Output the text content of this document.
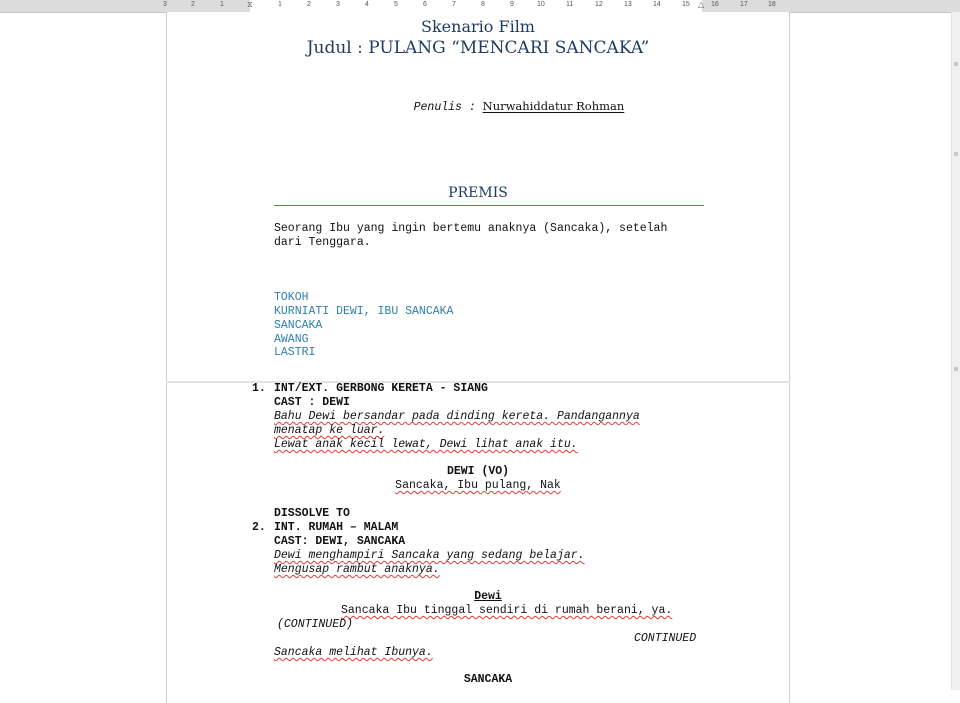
3	2	1	⧖	1	2	3	4	5	6	7	8	9	10	11	12	13	14	15 △ 16	17	18
Skenario Film
Judul : PULANG “MENCARI SANCAKA”

Penulis : Nurwahiddatur Rohman

PREMIS
Seorang Ibu yang ingin bertemu anaknya (Sancaka), setelah
dari Tenggara.
TOKOH
KURNIATI DEWI, IBU SANCAKA
SANCAKA
AWANG
LASTRI
1. INT/EXT. GERBONG KERETA - SIANG
CAST : DEWI
Bahu Dewi bersandar pada dinding kereta. Pandangannya
menatap ke luar.
Lewat anak kecil lewat, Dewi lihat anak itu.
DEWI (VO)
Sancaka, Ibu pulang, Nak
DISSOLVE TO
2. INT. RUMAH – MALAM
CAST: DEWI, SANCAKA
Dewi menghampiri Sancaka yang sedang belajar.
Mengusap rambut anaknya.
Dewi
Sancaka Ibu tinggal sendiri di rumah berani, ya.
(CONTINUED)
CONTINUED
Sancaka melihat Ibunya.
SANCAKA
